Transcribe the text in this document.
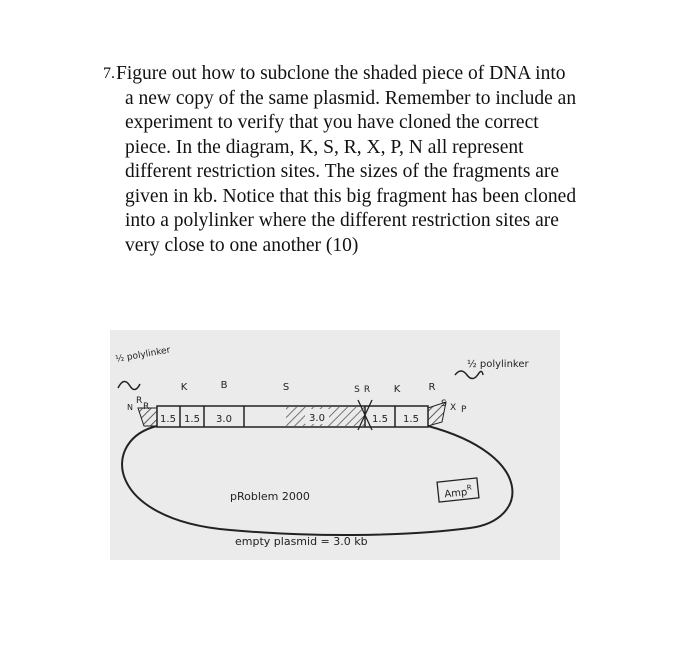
7. Figure out how to subclone the shaded piece of DNA into
a new copy of the same plasmid. Remember to include an
experiment to verify that you have cloned the correct
piece. In the diagram, K, S, R, X, P, N all represent
different restriction sites. The sizes of the fragments are
given in kb. Notice that this big fragment has been cloned
into a polylinker where the different restriction sites are
very close to one another (10)
1.5 1.5 3.0	3.0	1.5 1.5
K	B	S	S R K	R
½ polylinker
N
R
R
½ polylinker
S X P
pRoblem 2000	Amp$^R$
empty plasmid = 3.0 kb
